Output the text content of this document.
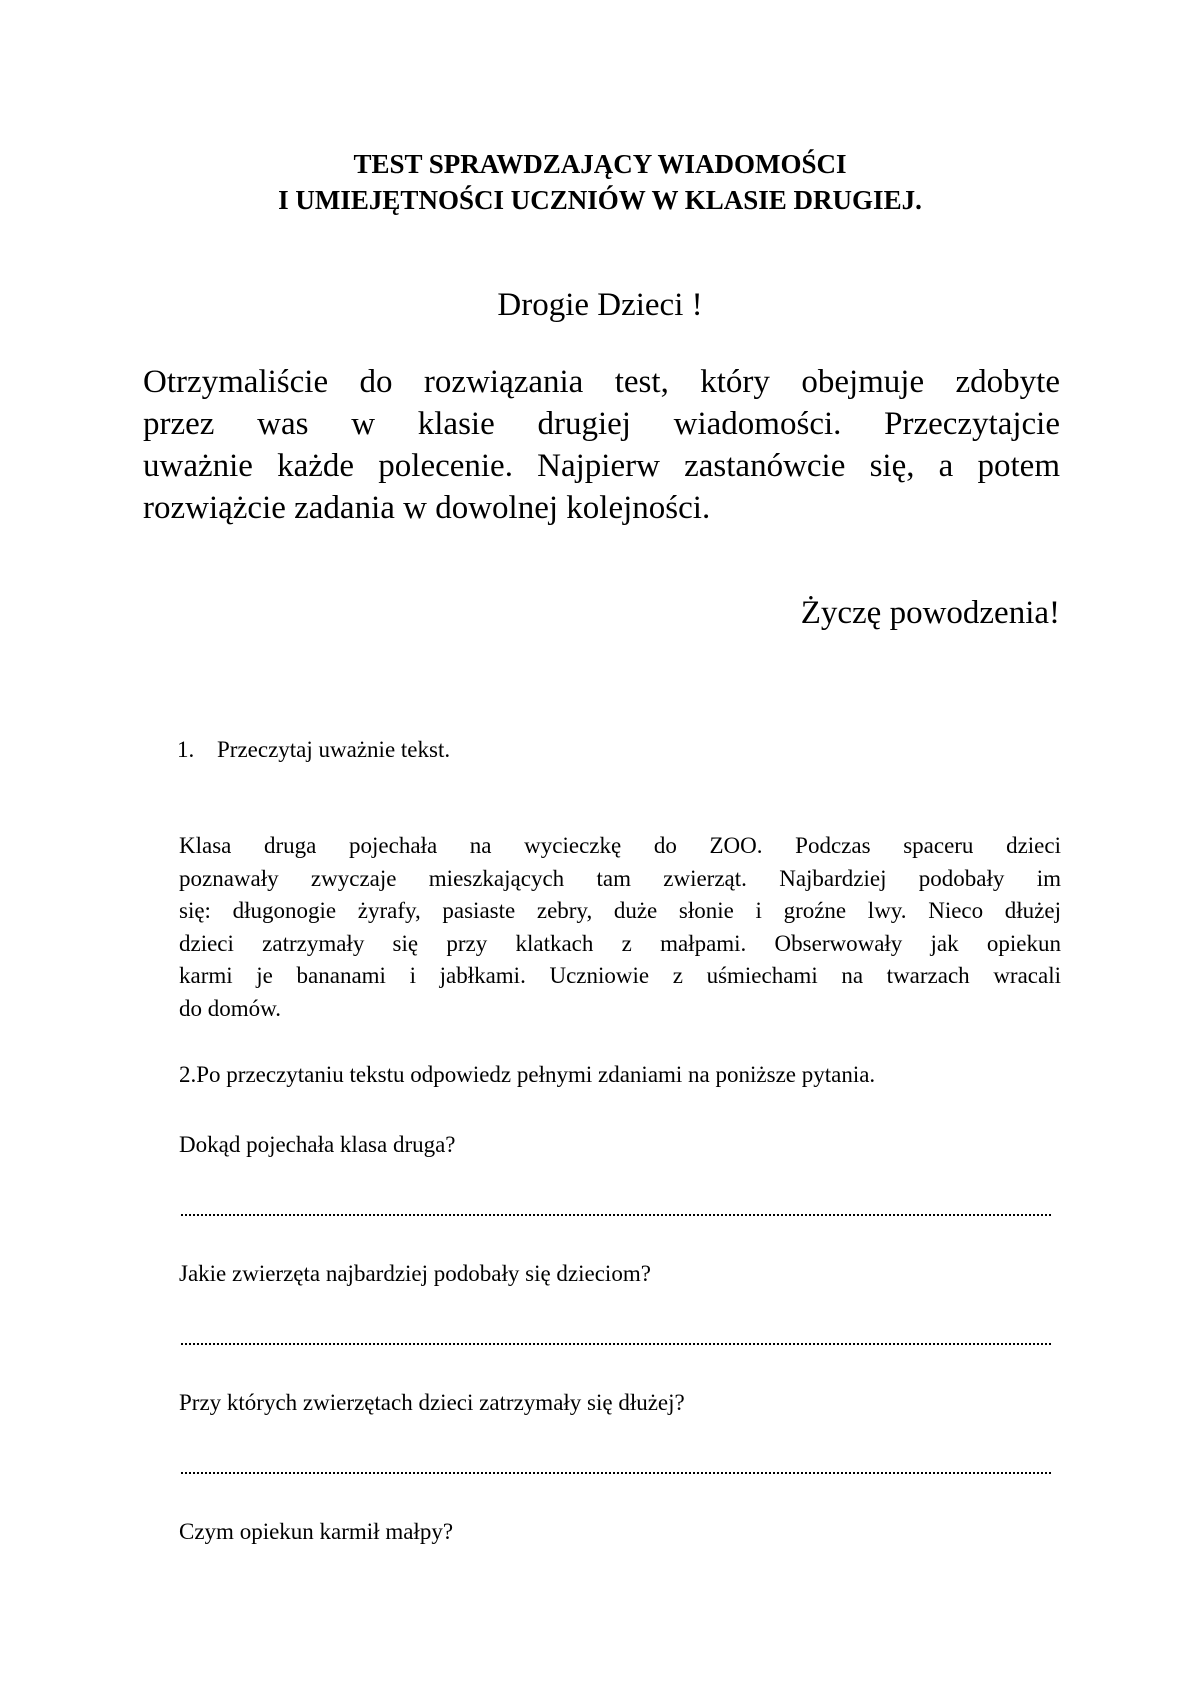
TEST SPRAWDZAJĄCY WIADOMOŚCI
I UMIEJĘTNOŚCI UCZNIÓW W KLASIE DRUGIEJ.
Drogie Dzieci !
Otrzymaliście do rozwiązania test, który obejmuje zdobyte
przez was w klasie drugiej wiadomości. Przeczytajcie
uważnie każde polecenie. Najpierw zastanówcie się, a potem
rozwiążcie zadania w dowolnej kolejności.
Życzę powodzenia!
1. Przeczytaj uważnie tekst.
Klasa druga pojechała na wycieczkę do ZOO. Podczas spaceru dzieci
poznawały zwyczaje mieszkających tam zwierząt. Najbardziej podobały im
się: długonogie żyrafy, pasiaste zebry, duże słonie i groźne lwy. Nieco dłużej
dzieci zatrzymały się przy klatkach z małpami. Obserwowały jak opiekun
karmi je bananami i jabłkami. Uczniowie z uśmiechami na twarzach wracali
do domów.
2.Po przeczytaniu tekstu odpowiedz pełnymi zdaniami na poniższe pytania.
Dokąd pojechała klasa druga?
Jakie zwierzęta najbardziej podobały się dzieciom?
Przy których zwierzętach dzieci zatrzymały się dłużej?
Czym opiekun karmił małpy?
